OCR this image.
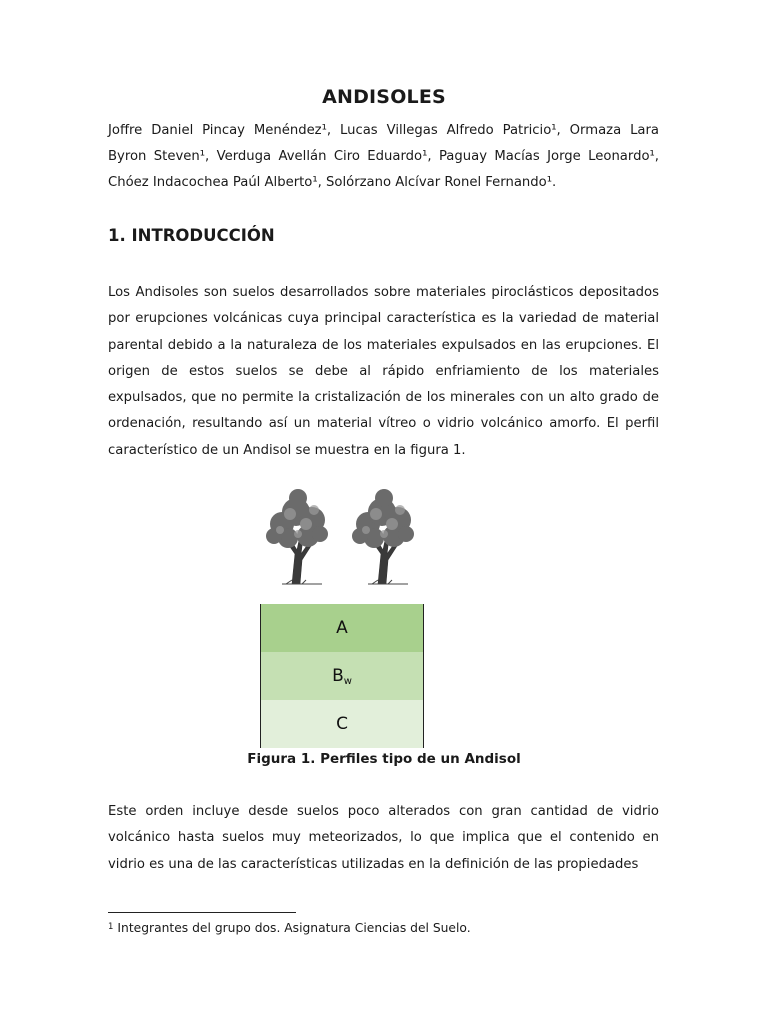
ANDISOLES
Joffre Daniel Pincay Menéndez¹, Lucas Villegas Alfredo Patricio¹, Ormaza Lara Byron Steven¹, Verduga Avellán Ciro Eduardo¹, Paguay Macías Jorge Leonardo¹, Chóez Indacochea Paúl Alberto¹, Solórzano Alcívar Ronel Fernando¹.
1. INTRODUCCIÓN
Los Andisoles son suelos desarrollados sobre materiales piroclásticos depositados por erupciones volcánicas cuya principal característica es la variedad de material parental debido a la naturaleza de los materiales expulsados en las erupciones. El origen de estos suelos se debe al rápido enfriamiento de los materiales expulsados, que no permite la cristalización de los minerales con un alto grado de ordenación, resultando así un material vítreo o vidrio volcánico amorfo. El perfil característico de un Andisol se muestra en la figura 1.
A
$B_w$
C
Figura 1. Perfiles tipo de un Andisol
Este orden incluye desde suelos poco alterados con gran cantidad de vidrio volcánico hasta suelos muy meteorizados, lo que implica que el contenido en vidrio es una de las características utilizadas en la definición de las propiedades
$^1$ Integrantes del grupo dos. Asignatura Ciencias del Suelo.
